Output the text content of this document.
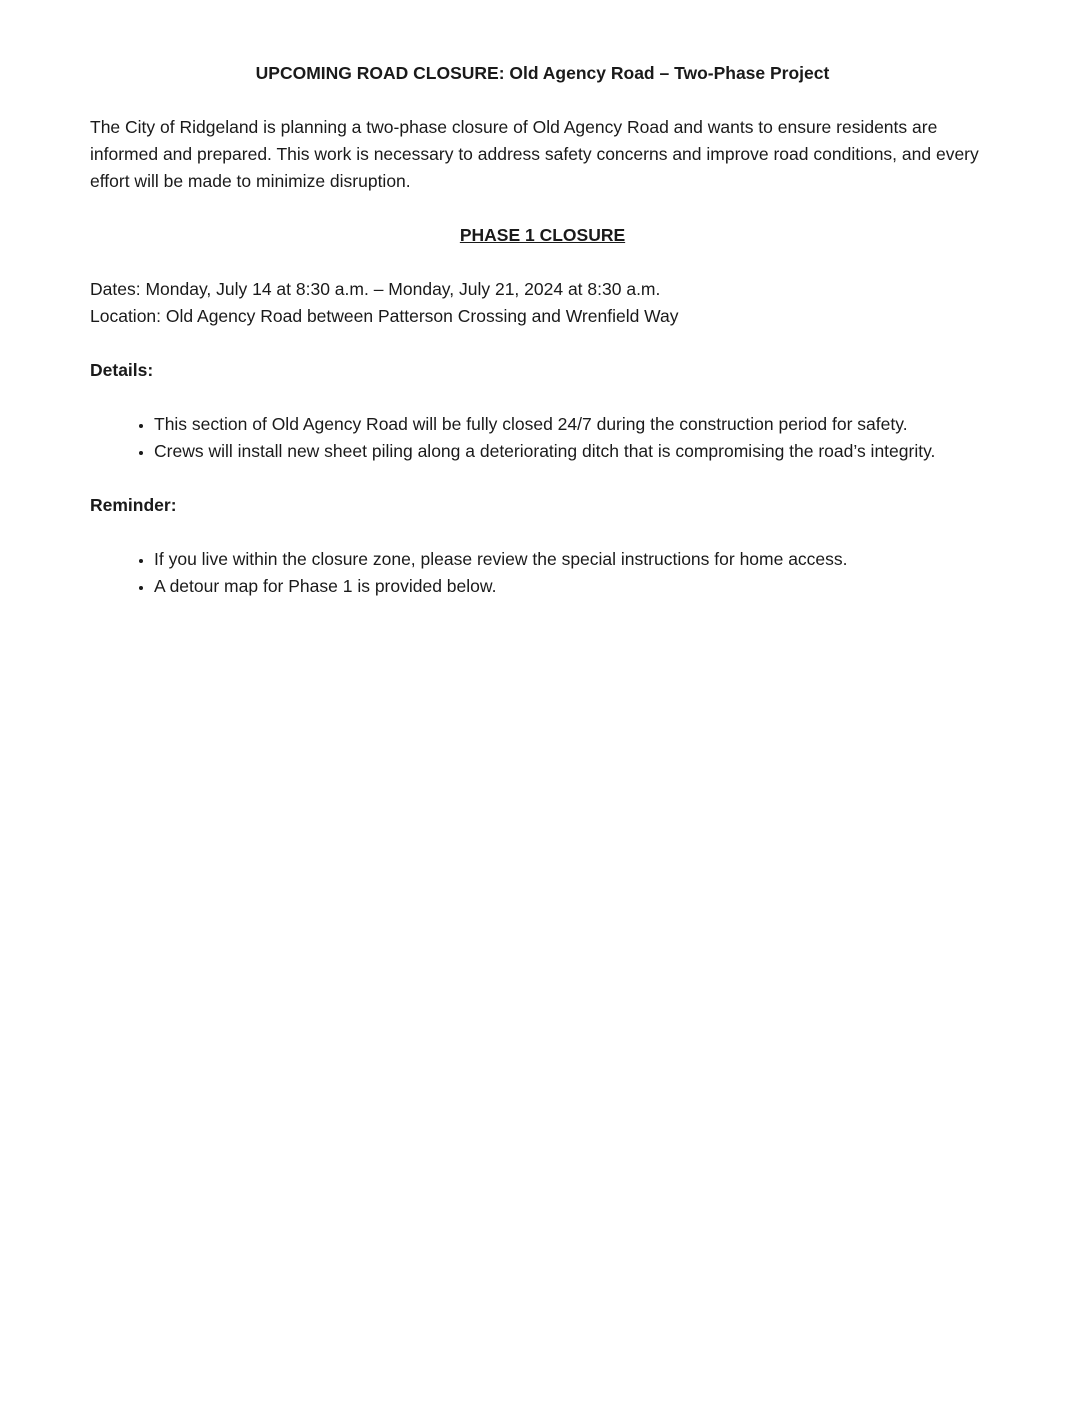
UPCOMING ROAD CLOSURE: Old Agency Road – Two-Phase Project

The City of Ridgeland is planning a two-phase closure of Old Agency Road and wants to ensure residents are informed and prepared. This work is necessary to address safety concerns and improve road conditions, and every effort will be made to minimize disruption.

PHASE 1 CLOSURE

Dates: Monday, July 14 at 8:30 a.m. – Monday, July 21, 2024 at 8:30 a.m.
Location: Old Agency Road between Patterson Crossing and Wrenfield Way

Details:

• This section of Old Agency Road will be fully closed 24/7 during the construction period for safety.
• Crews will install new sheet piling along a deteriorating ditch that is compromising the road’s integrity.

Reminder:

• If you live within the closure zone, please review the special instructions for home access.
• A detour map for Phase 1 is provided below.
